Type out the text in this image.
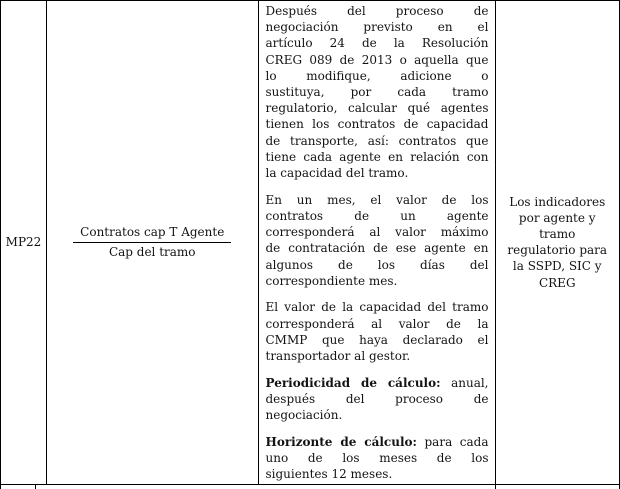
MP22	$\frac{\text{Contratos cap T Agente}}{\text{Cap del tramo}}$
Después del proceso de
negociación previsto en el
artículo 24 de la Resolución
CREG 089 de 2013 o aquella que
lo modifique, adicione o
sustituya, por cada tramo
regulatorio, calcular qué agentes
tienen los contratos de capacidad
de transporte, así: contratos que
tiene cada agente en relación con
la capacidad del tramo.
En un mes, el valor de los
contratos de un agente
corresponderá al valor máximo
de contratación de ese agente en
algunos de los días del
correspondiente mes.
El valor de la capacidad del tramo
corresponderá al valor de la
CMMP que haya declarado el
transportador al gestor.
Periodicidad de cálculo: anual,
después del proceso de
negociación.
Horizonte de cálculo: para cada
uno de los meses de los
siguientes 12 meses.
Los indicadores
por agente y
tramo
regulatorio para
la SSPD, SIC y
CREG
